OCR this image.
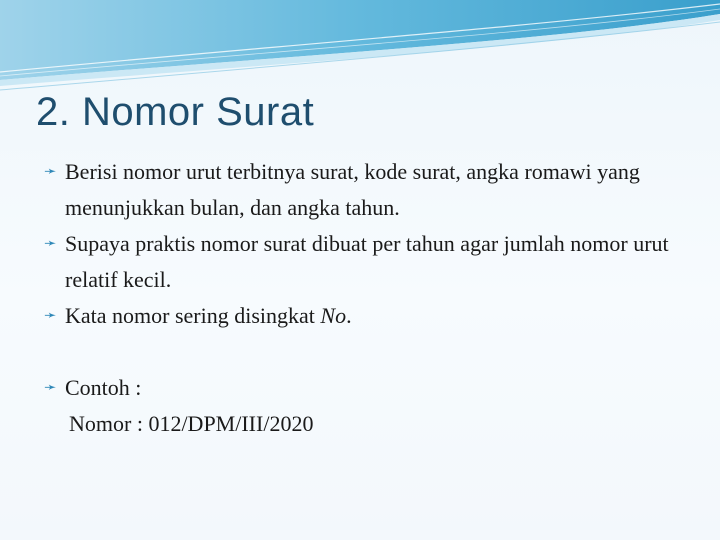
2. Nomor Surat
➛ Berisi nomor urut terbitnya surat, kode surat, angka romawi yang menunjukkan bulan, dan angka tahun.
➛ Supaya praktis nomor surat dibuat per tahun agar jumlah nomor urut relatif kecil.
➛ Kata nomor sering disingkat No.
➛ Contoh :
Nomor : 012/DPM/III/2020
